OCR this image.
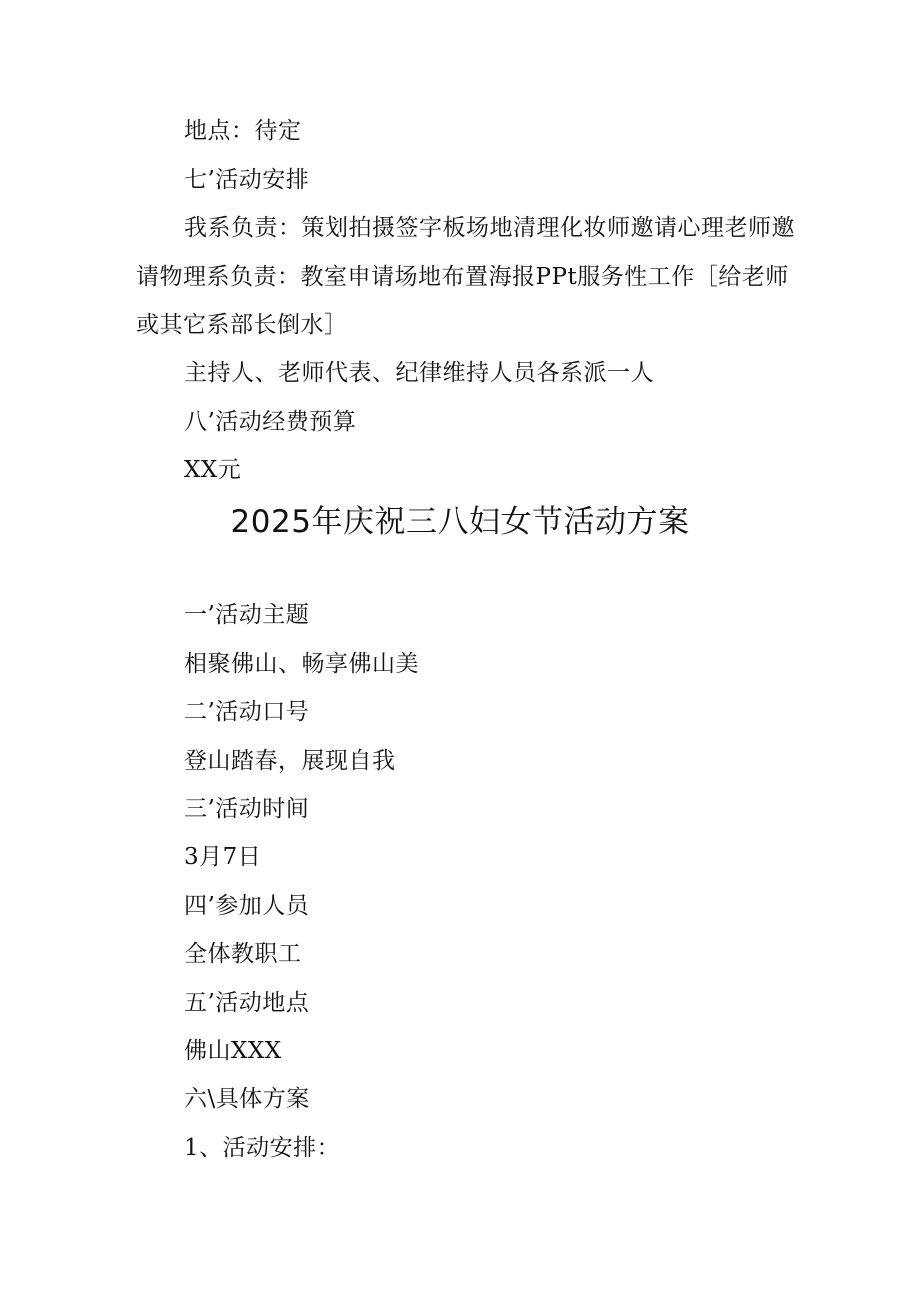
地点：待定
七’活动安排
我系负责：策划拍摄签字板场地清理化妆师邀请心理老师邀
请物理系负责：教室申请场地布置海报PPt服务性工作［给老师
或其它系部长倒水］
主持人、老师代表、纪律维持人员各系派一人
八’活动经费预算
XX元
2025年庆祝三八妇女节活动方案
一’活动主题
相聚佛山、畅享佛山美
二’活动口号
登山踏春，展现自我
三’活动时间
3月7日
四’参加人员
全体教职工
五’活动地点
佛山XXX
六\具体方案
1、活动安排：
